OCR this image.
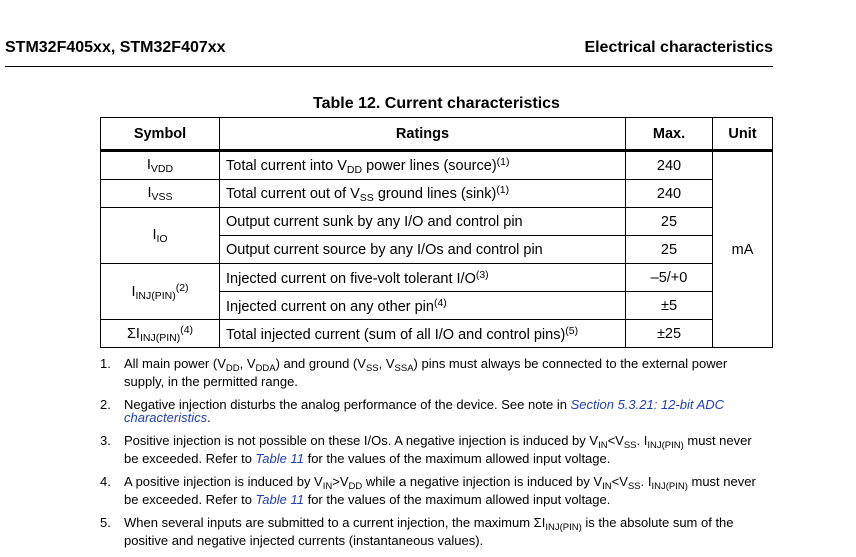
STM32F405xx, STM32F407xx	Electrical characteristics
Table 12. Current characteristics
Symbol	Ratings	Max.	Unit
$I_{VDD}$	Total current into $V_{DD}$ power lines (source)$^{(1)}$	240	mA
$I_{VSS}$	Total current out of $V_{SS}$ ground lines $(\sin k)^{(1)}$	240	
$I_{IO}$	Output current sunk by any I/O and control pin	25	
	Output current source by any I/Os and control pin	25	
$I_{INJ(PIN)}^{(2)}$	Injected current on five-volt tolerant $I/O^{(3)}$	–5/+0	
	Injected current on any other pin$^{(4)}$	±5	
$\Sigma I_{INJ(PIN)}^{(4)}$	Total injected current (sum of all I/O and control pins)$^{(5)}$	±25	
1. All main power ($V_{DD}$, $V_{DDA}$) and ground ($V_{SS}$, $V_{SSA}$) pins must always be connected to the external power supply, in the permitted range.
2. Negative injection disturbs the analog performance of the device. See note in Section 5.3.21: 12-bit ADC characteristics.
3. Positive injection is not possible on these I/Os. A negative injection is induced by $V_{IN}<V_{SS}$. $I_{INJ(PIN)}$ must never be exceeded. Refer to Table 11 for the values of the maximum allowed input voltage.
4. A positive injection is induced by $V_{IN}>V_{DD}$ while a negative injection is induced by $V_{IN}<V_{SS}$. $I_{INJ(PIN)}$ must never be exceeded. Refer to Table 11 for the values of the maximum allowed input voltage.
5. When several inputs are submitted to a current injection, the maximum $\Sigma I_{INJ(PIN)}$ is the absolute sum of the positive and negative injected currents (instantaneous values).
